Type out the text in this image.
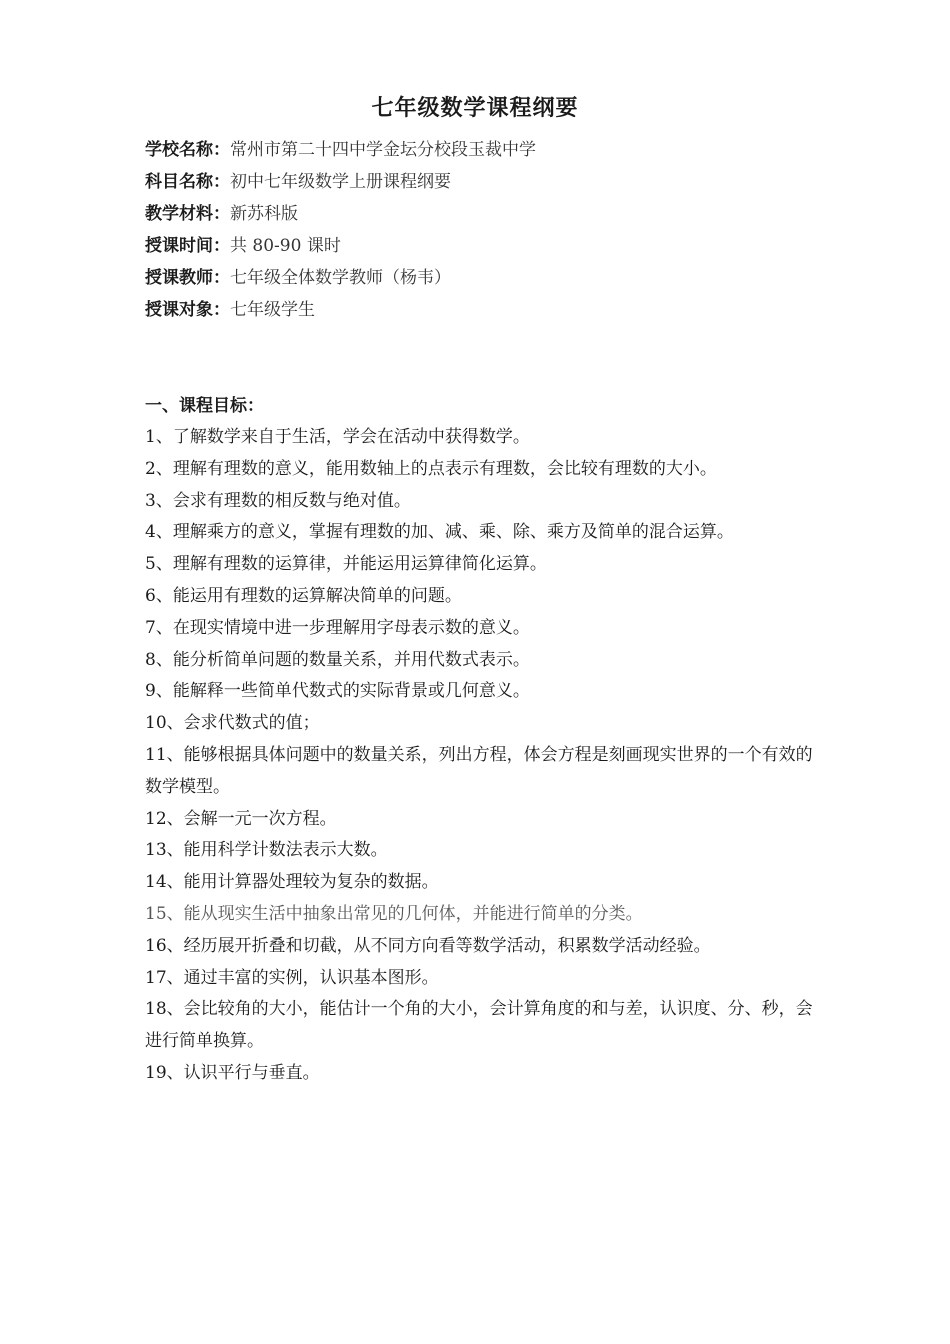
七年级数学课程纲要
学校名称：常州市第二十四中学金坛分校段玉裁中学
科目名称：初中七年级数学上册课程纲要
教学材料：新苏科版
授课时间：共 80-90 课时
授课教师：七年级全体数学教师（杨韦）
授课对象：七年级学生
一、课程目标：
1、了解数学来自于生活，学会在活动中获得数学。
2、理解有理数的意义，能用数轴上的点表示有理数，会比较有理数的大小。
3、会求有理数的相反数与绝对值。
4、理解乘方的意义，掌握有理数的加、减、乘、除、乘方及简单的混合运算。
5、理解有理数的运算律，并能运用运算律简化运算。
6、能运用有理数的运算解决简单的问题。
7、在现实情境中进一步理解用字母表示数的意义。
8、能分析简单问题的数量关系，并用代数式表示。
9、能解释一些简单代数式的实际背景或几何意义。
10、会求代数式的值；
11、能够根据具体问题中的数量关系，列出方程，体会方程是刻画现实世界的一个有效的数学模型。
12、会解一元一次方程。
13、能用科学计数法表示大数。
14、能用计算器处理较为复杂的数据。
15、能从现实生活中抽象出常见的几何体，并能进行简单的分类。
16、经历展开折叠和切截，从不同方向看等数学活动，积累数学活动经验。
17、通过丰富的实例，认识基本图形。
18、会比较角的大小，能估计一个角的大小，会计算角度的和与差，认识度、分、秒，会进行简单换算。
19、认识平行与垂直。
